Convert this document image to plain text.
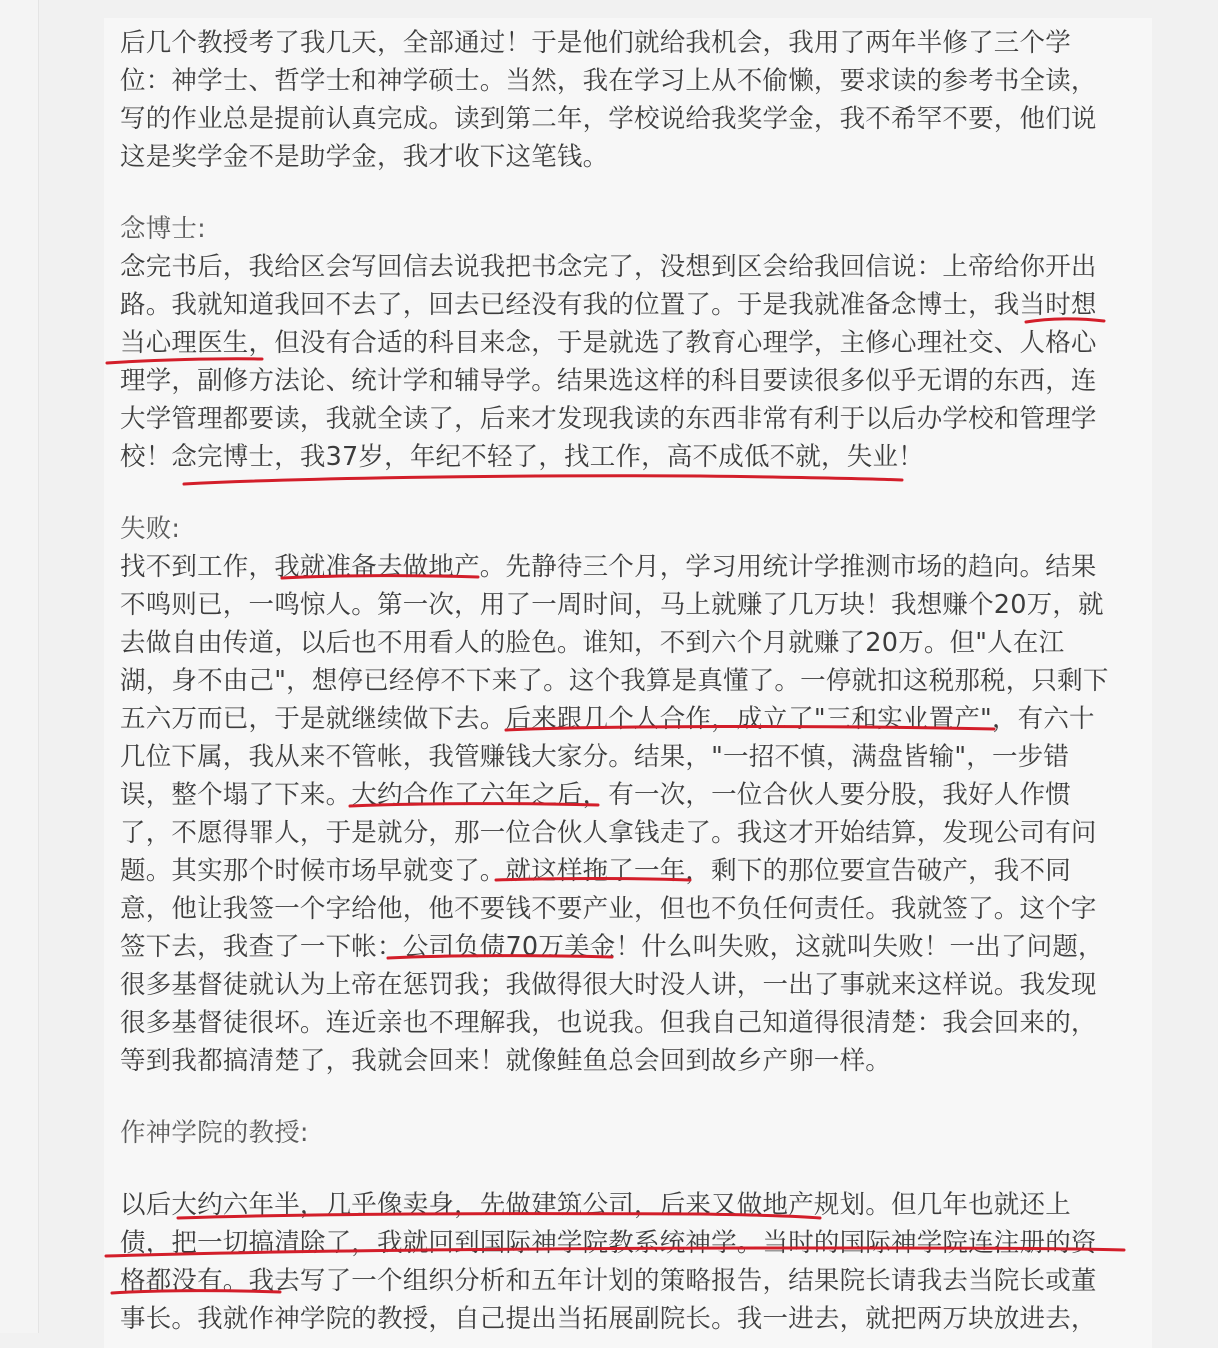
后几个教授考了我几天，全部通过！于是他们就给我机会，我用了两年半修了三个学
位：神学士、哲学士和神学硕士。当然，我在学习上从不偷懒，要求读的参考书全读，
写的作业总是提前认真完成。读到第二年，学校说给我奖学金，我不希罕不要，他们说
这是奖学金不是助学金，我才收下这笔钱。
念博士:
念完书后，我给区会写回信去说我把书念完了，没想到区会给我回信说：上帝给你开出
路。我就知道我回不去了，回去已经没有我的位置了。于是我就准备念博士，我当时想
当心理医生，但没有合适的科目来念，于是就选了教育心理学，主修心理社交、人格心
理学，副修方法论、统计学和辅导学。结果选这样的科目要读很多似乎无谓的东西，连
大学管理都要读，我就全读了，后来才发现我读的东西非常有利于以后办学校和管理学
校！念完博士，我37岁，年纪不轻了，找工作，高不成低不就，失业！
失败:
找不到工作，我就准备去做地产。先静待三个月，学习用统计学推测市场的趋向。结果
不鸣则已，一鸣惊人。第一次，用了一周时间，马上就赚了几万块！我想赚个20万，就
去做自由传道，以后也不用看人的脸色。谁知，不到六个月就赚了20万。但"人在江
湖，身不由己"，想停已经停不下来了。这个我算是真懂了。一停就扣这税那税，只剩下
五六万而已，于是就继续做下去。后来跟几个人合作，成立了"三和实业置产"，有六十
几位下属，我从来不管帐，我管赚钱大家分。结果，"一招不慎，满盘皆输"，一步错
误，整个塌了下来。大约合作了六年之后，有一次，一位合伙人要分股，我好人作惯
了，不愿得罪人，于是就分，那一位合伙人拿钱走了。我这才开始结算，发现公司有问
题。其实那个时候市场早就变了。就这样拖了一年，剩下的那位要宣告破产，我不同
意，他让我签一个字给他，他不要钱不要产业，但也不负任何责任。我就签了。这个字
签下去，我查了一下帐：公司负债70万美金！什么叫失败，这就叫失败！一出了问题，
很多基督徒就认为上帝在惩罚我；我做得很大时没人讲，一出了事就来这样说。我发现
很多基督徒很坏。连近亲也不理解我，也说我。但我自己知道得很清楚：我会回来的，
等到我都搞清楚了，我就会回来！就像鲑鱼总会回到故乡产卵一样。
作神学院的教授:
以后大约六年半，几乎像卖身，先做建筑公司，后来又做地产规划。但几年也就还上
债，把一切搞清除了，我就回到国际神学院教系统神学。当时的国际神学院连注册的资
格都没有。我去写了一个组织分析和五年计划的策略报告，结果院长请我去当院长或董
事长。我就作神学院的教授，自己提出当拓展副院长。我一进去，就把两万块放进去，
